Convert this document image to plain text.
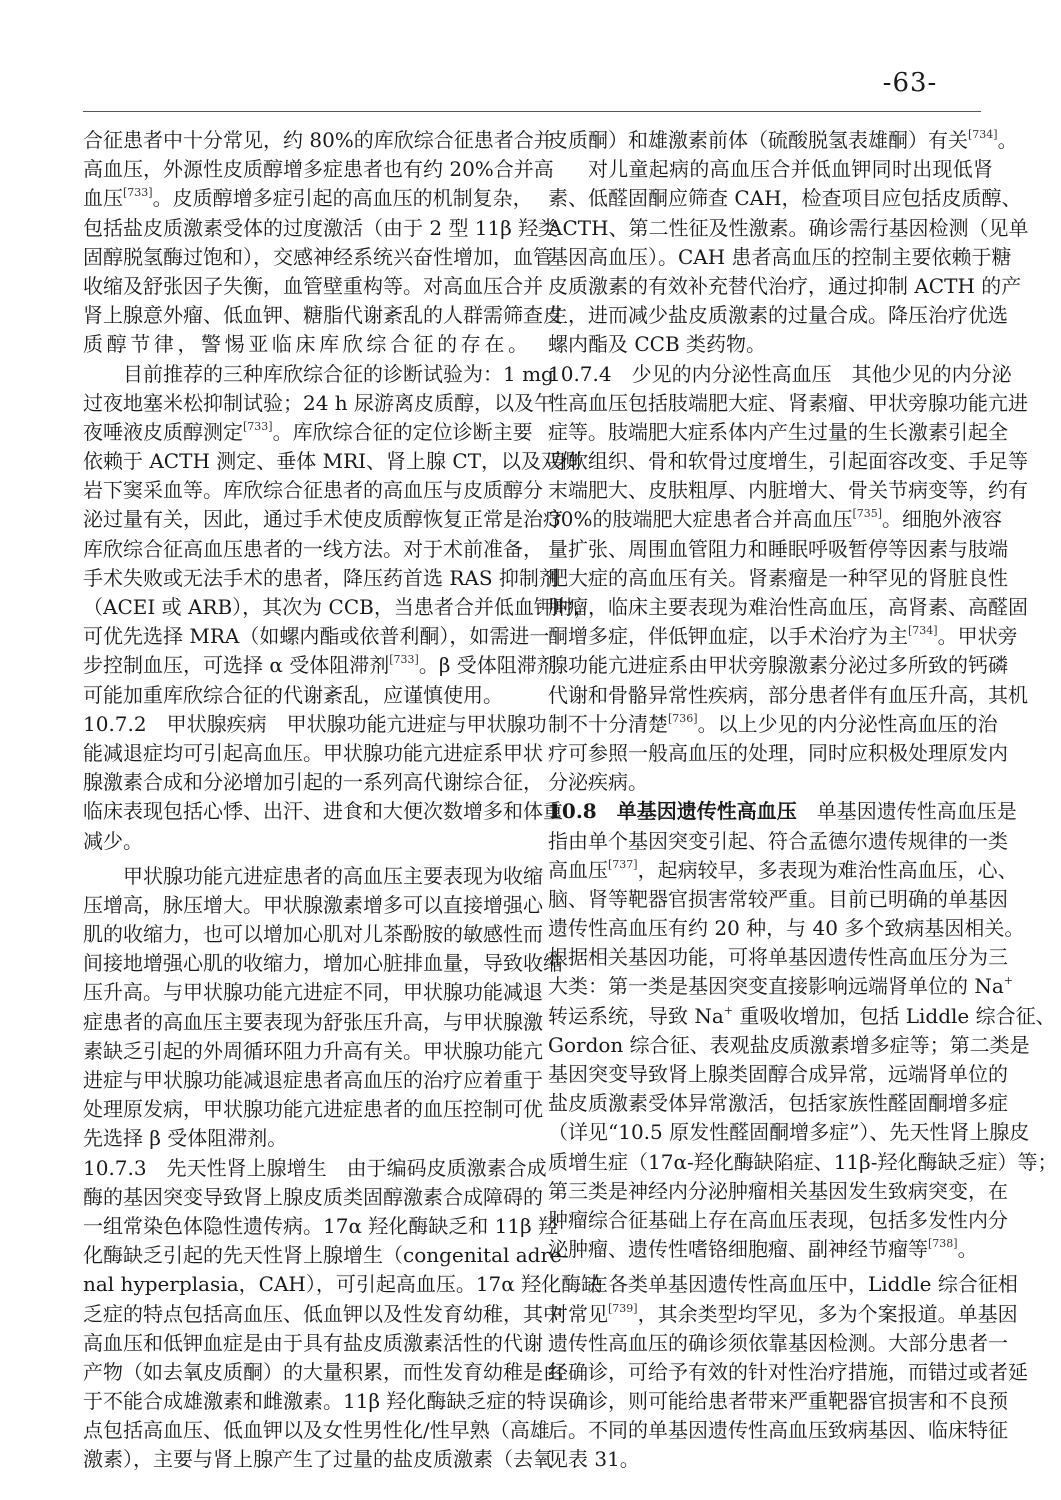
-63-
合征患者中十分常见，约 80%的库欣综合征患者合并
高血压，外源性皮质醇增多症患者也有约 20%合并高
血压[733]。皮质醇增多症引起的高血压的机制复杂，
包括盐皮质激素受体的过度激活（由于 2 型 11β 羟类
固醇脱氢酶过饱和），交感神经系统兴奋性增加，血管
收缩及舒张因子失衡，血管壁重构等。对高血压合并
肾上腺意外瘤、低血钾、糖脂代谢紊乱的人群需筛查皮
质醇节律，警惕亚临床库欣综合征的存在。
目前推荐的三种库欣综合征的诊断试验为：1 mg
过夜地塞米松抑制试验；24 h 尿游离皮质醇，以及午
夜唾液皮质醇测定[733]。库欣综合征的定位诊断主要
依赖于 ACTH 测定、垂体 MRI、肾上腺 CT，以及双侧
岩下窦采血等。库欣综合征患者的高血压与皮质醇分
泌过量有关，因此，通过手术使皮质醇恢复正常是治疗
库欣综合征高血压患者的一线方法。对于术前准备，
手术失败或无法手术的患者，降压药首选 RAS 抑制剂
（ACEI 或 ARB），其次为 CCB，当患者合并低血钾时，
可优先选择 MRA（如螺内酯或依普利酮），如需进一
步控制血压，可选择 α 受体阻滞剂[733]。β 受体阻滞剂
可能加重库欣综合征的代谢紊乱，应谨慎使用。
10.7.2　甲状腺疾病　甲状腺功能亢进症与甲状腺功
能减退症均可引起高血压。甲状腺功能亢进症系甲状
腺激素合成和分泌增加引起的一系列高代谢综合征，
临床表现包括心悸、出汗、进食和大便次数增多和体重
减少。
甲状腺功能亢进症患者的高血压主要表现为收缩
压增高，脉压增大。甲状腺激素增多可以直接增强心
肌的收缩力，也可以增加心肌对儿茶酚胺的敏感性而
间接地增强心肌的收缩力，增加心脏排血量，导致收缩
压升高。与甲状腺功能亢进症不同，甲状腺功能减退
症患者的高血压主要表现为舒张压升高，与甲状腺激
素缺乏引起的外周循环阻力升高有关。甲状腺功能亢
进症与甲状腺功能减退症患者高血压的治疗应着重于
处理原发病，甲状腺功能亢进症患者的血压控制可优
先选择 β 受体阻滞剂。
10.7.3　先天性肾上腺增生　由于编码皮质激素合成
酶的基因突变导致肾上腺皮质类固醇激素合成障碍的
一组常染色体隐性遗传病。17α 羟化酶缺乏和 11β 羟
化酶缺乏引起的先天性肾上腺增生（congenital adre-
nal hyperplasia，CAH），可引起高血压。17α 羟化酶缺
乏症的特点包括高血压、低血钾以及性发育幼稚，其中
高血压和低钾血症是由于具有盐皮质激素活性的代谢
产物（如去氧皮质酮）的大量积累，而性发育幼稚是由
于不能合成雄激素和雌激素。11β 羟化酶缺乏症的特
点包括高血压、低血钾以及女性男性化/性早熟（高雄
激素），主要与肾上腺产生了过量的盐皮质激素（去氧
皮质酮）和雄激素前体（硫酸脱氢表雄酮）有关[734]。
对儿童起病的高血压合并低血钾同时出现低肾
素、低醛固酮应筛查 CAH，检查项目应包括皮质醇、
ACTH、第二性征及性激素。确诊需行基因检测（见单
基因高血压）。CAH 患者高血压的控制主要依赖于糖
皮质激素的有效补充替代治疗，通过抑制 ACTH 的产
生，进而减少盐皮质激素的过量合成。降压治疗优选
螺内酯及 CCB 类药物。
10.7.4　少见的内分泌性高血压　其他少见的内分泌
性高血压包括肢端肥大症、肾素瘤、甲状旁腺功能亢进
症等。肢端肥大症系体内产生过量的生长激素引起全
身软组织、骨和软骨过度增生，引起面容改变、手足等
末端肥大、皮肤粗厚、内脏增大、骨关节病变等，约有
30%的肢端肥大症患者合并高血压[735]。细胞外液容
量扩张、周围血管阻力和睡眠呼吸暂停等因素与肢端
肥大症的高血压有关。肾素瘤是一种罕见的肾脏良性
肿瘤，临床主要表现为难治性高血压，高肾素、高醛固
酮增多症，伴低钾血症，以手术治疗为主[734]。甲状旁
腺功能亢进症系由甲状旁腺激素分泌过多所致的钙磷
代谢和骨骼异常性疾病，部分患者伴有血压升高，其机
制不十分清楚[736]。以上少见的内分泌性高血压的治
疗可参照一般高血压的处理，同时应积极处理原发内
分泌疾病。
10.8　单基因遗传性高血压　单基因遗传性高血压是
指由单个基因突变引起、符合孟德尔遗传规律的一类
高血压[737]，起病较早，多表现为难治性高血压，心、
脑、肾等靶器官损害常较严重。目前已明确的单基因
遗传性高血压有约 20 种，与 40 多个致病基因相关。
根据相关基因功能，可将单基因遗传性高血压分为三
大类：第一类是基因突变直接影响远端肾单位的 Na+
转运系统，导致 Na+ 重吸收增加，包括 Liddle 综合征、
Gordon 综合征、表观盐皮质激素增多症等；第二类是
基因突变导致肾上腺类固醇合成异常，远端肾单位的
盐皮质激素受体异常激活，包括家族性醛固酮增多症
（详见“10.5 原发性醛固酮增多症”）、先天性肾上腺皮
质增生症（17α-羟化酶缺陷症、11β-羟化酶缺乏症）等；
第三类是神经内分泌肿瘤相关基因发生致病突变，在
肿瘤综合征基础上存在高血压表现，包括多发性内分
泌肿瘤、遗传性嗜铬细胞瘤、副神经节瘤等[738]。
在各类单基因遗传性高血压中，Liddle 综合征相
对常见[739]，其余类型均罕见，多为个案报道。单基因
遗传性高血压的确诊须依靠基因检测。大部分患者一
经确诊，可给予有效的针对性治疗措施，而错过或者延
误确诊，则可能给患者带来严重靶器官损害和不良预
后。不同的单基因遗传性高血压致病基因、临床特征
见表 31。
